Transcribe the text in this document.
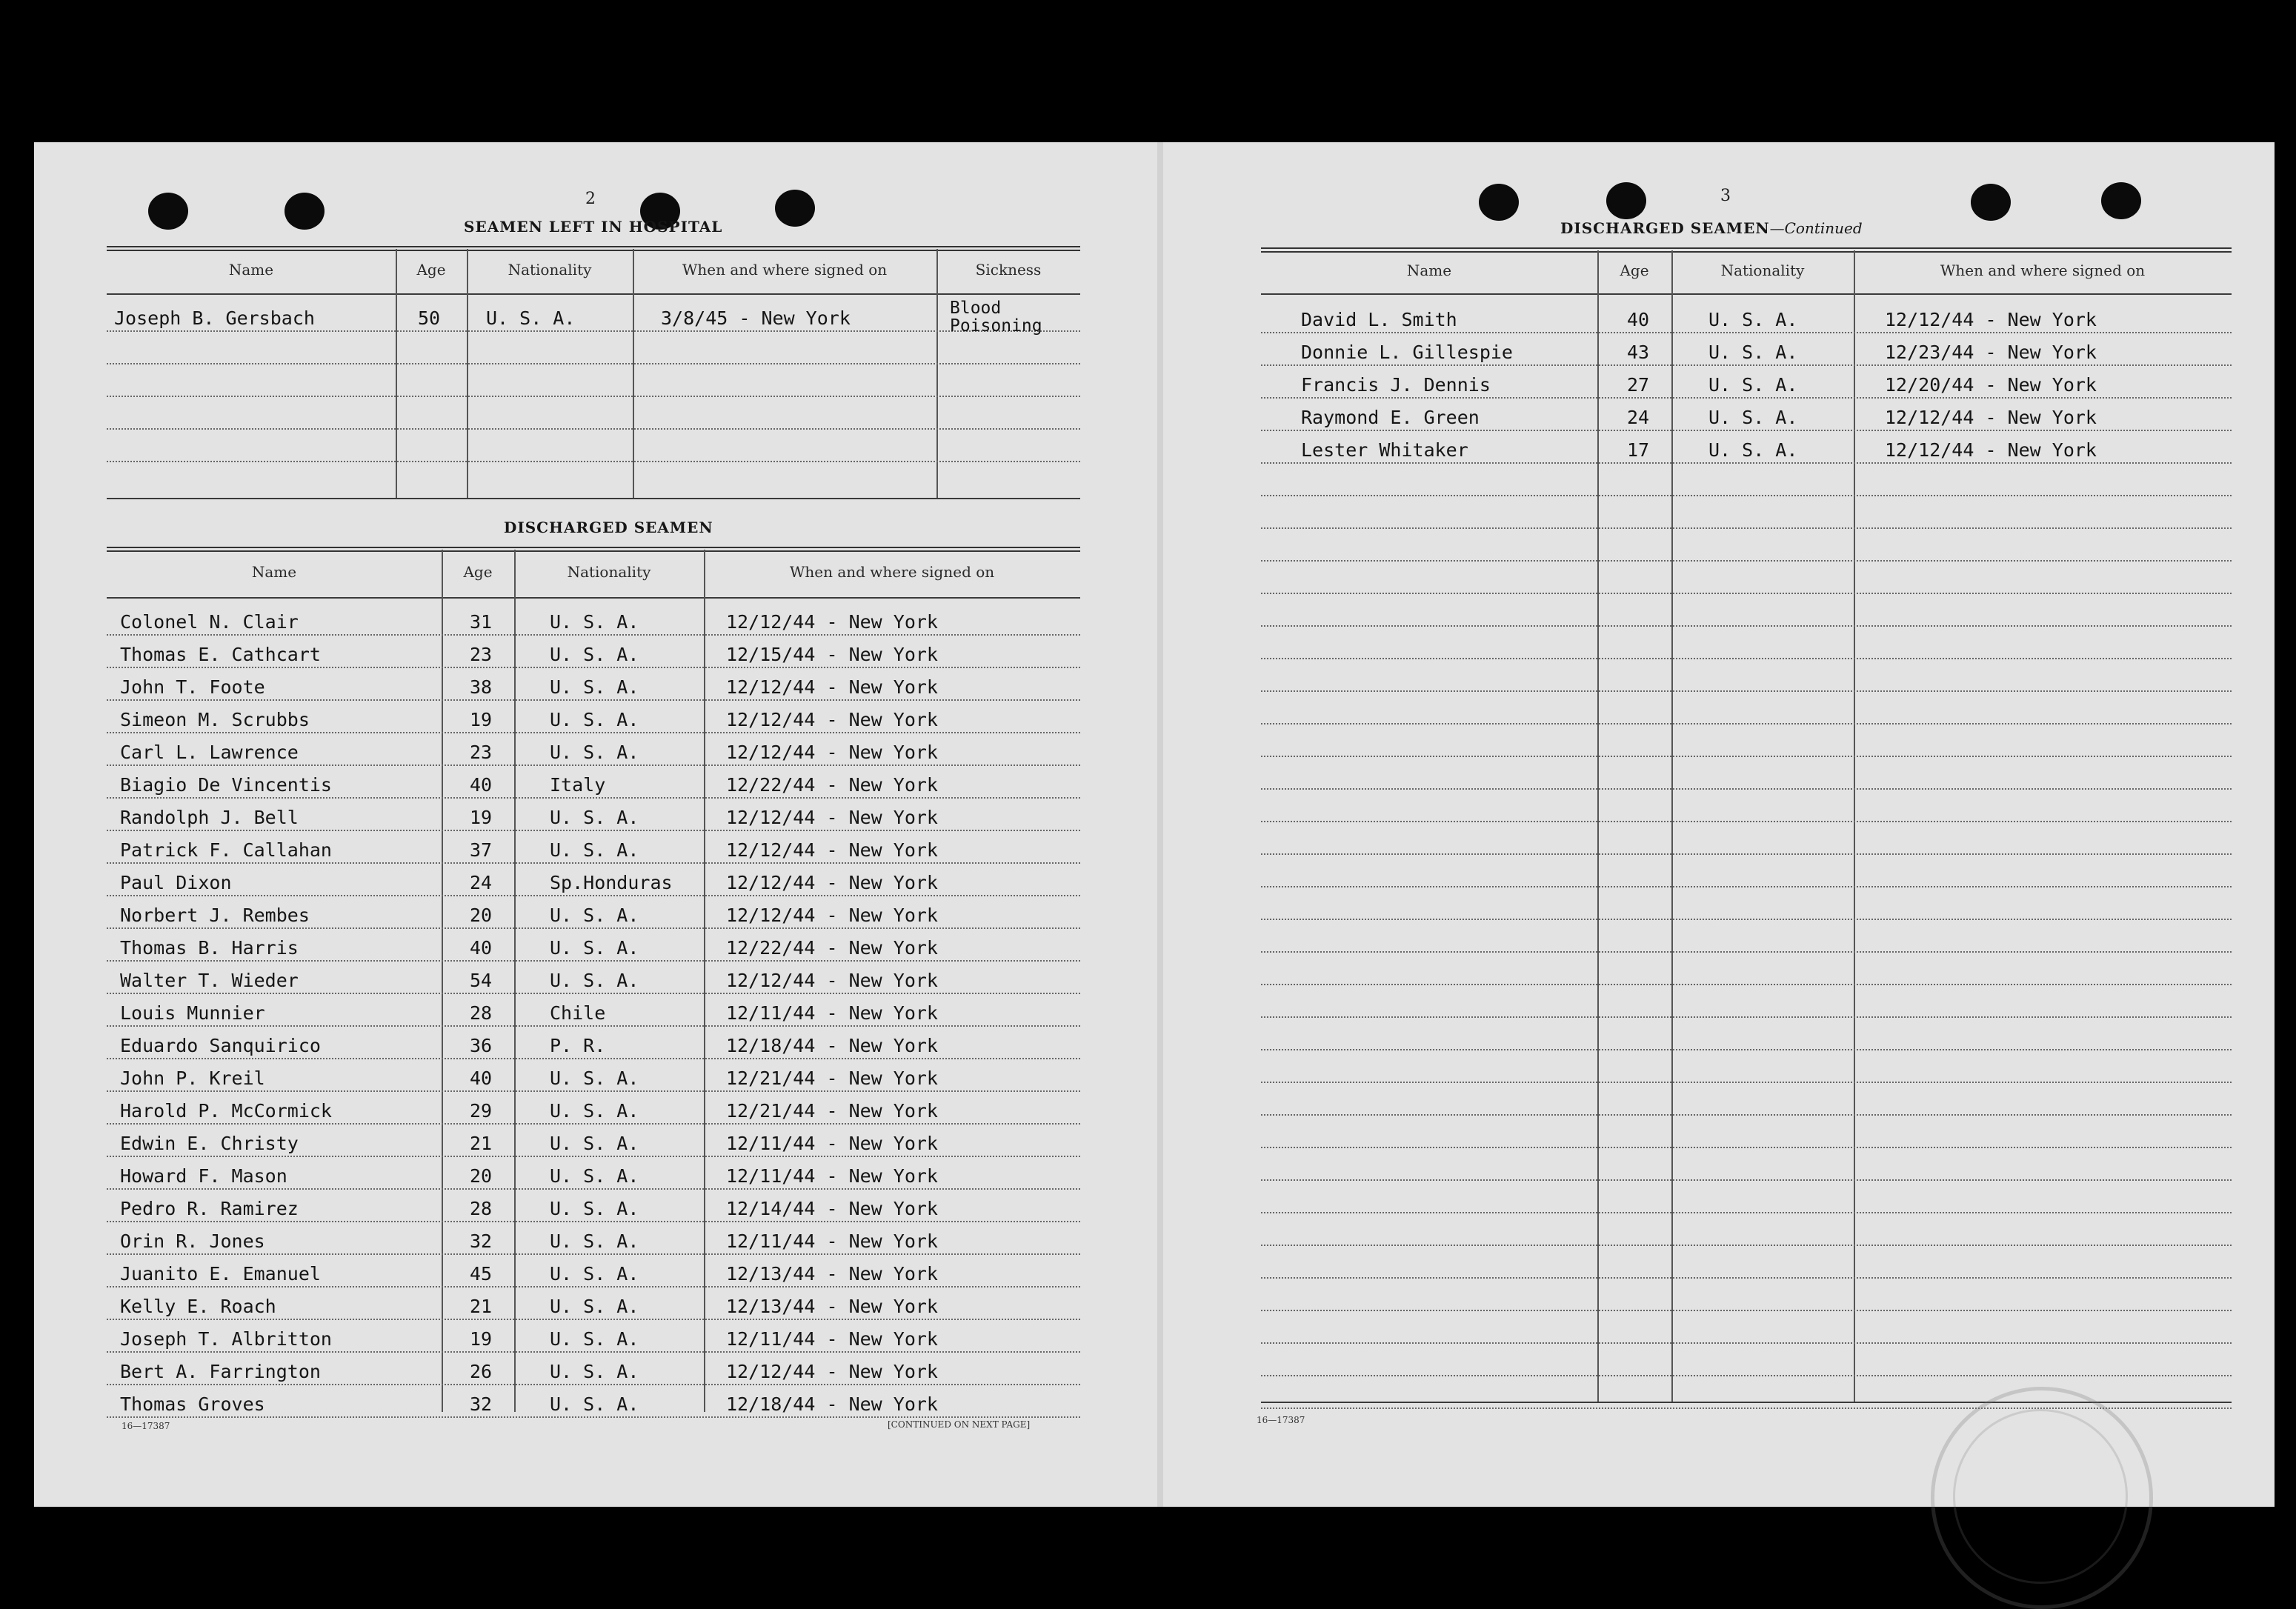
2
SEAMEN LEFT IN HOSPITAL
Name	Age	Nationality	When and where signed on	Sickness
Joseph B. Gersbach	50 U. S. A.	3/8/45 - New York	Blood
Poisoning
DISCHARGED SEAMEN
Name	Age	Nationality	When and where signed on
Colonel N. Clair	31	U. S. A.	12/12/44 - New York
Thomas E. Cathcart	23	U. S. A.	12/15/44 - New York
John T. Foote	38	U. S. A.	12/12/44 - New York
Simeon M. Scrubbs	19	U. S. A.	12/12/44 - New York
Carl L. Lawrence	23	U. S. A.	12/12/44 - New York
Biagio De Vincentis	40	Italy	12/22/44 - New York
Randolph J. Bell	19	U. S. A.	12/12/44 - New York
Patrick F. Callahan	37	U. S. A.	12/12/44 - New York
Paul Dixon	24	Sp.Honduras	12/12/44 - New York
Norbert J. Rembes	20	U. S. A.	12/12/44 - New York
Thomas B. Harris	40	U. S. A.	12/22/44 - New York
Walter T. Wieder	54	U. S. A.	12/12/44 - New York
Louis Munnier	28	Chile	12/11/44 - New York
Eduardo Sanquirico	36	P. R.	12/18/44 - New York
John P. Kreil	40	U. S. A.	12/21/44 - New York
Harold P. McCormick	29	U. S. A.	12/21/44 - New York
Edwin E. Christy	21	U. S. A.	12/11/44 - New York
Howard F. Mason	20	U. S. A.	12/11/44 - New York
Pedro R. Ramirez	28	U. S. A.	12/14/44 - New York
Orin R. Jones	32	U. S. A.	12/11/44 - New York
Juanito E. Emanuel	45	U. S. A.	12/13/44 - New York
Kelly E. Roach	21	U. S. A.	12/13/44 - New York
Joseph T. Albritton	19	U. S. A.	12/11/44 - New York
Bert A. Farrington	26	U. S. A.	12/12/44 - New York
Thomas Groves	32	U. S. A.	12/18/44 - New York
16—17387	[CONTINUED ON NEXT PAGE]
3
DISCHARGED SEAMEN—Continued
Name	Age	Nationality	When and where signed on
David L. Smith	40	U. S. A.	12/12/44 - New York
Donnie L. Gillespie	43	U. S. A.	12/23/44 - New York
Francis J. Dennis	27	U. S. A.	12/20/44 - New York
Raymond E. Green	24	U. S. A.	12/12/44 - New York
Lester Whitaker	17	U. S. A.	12/12/44 - New York
16—17387
